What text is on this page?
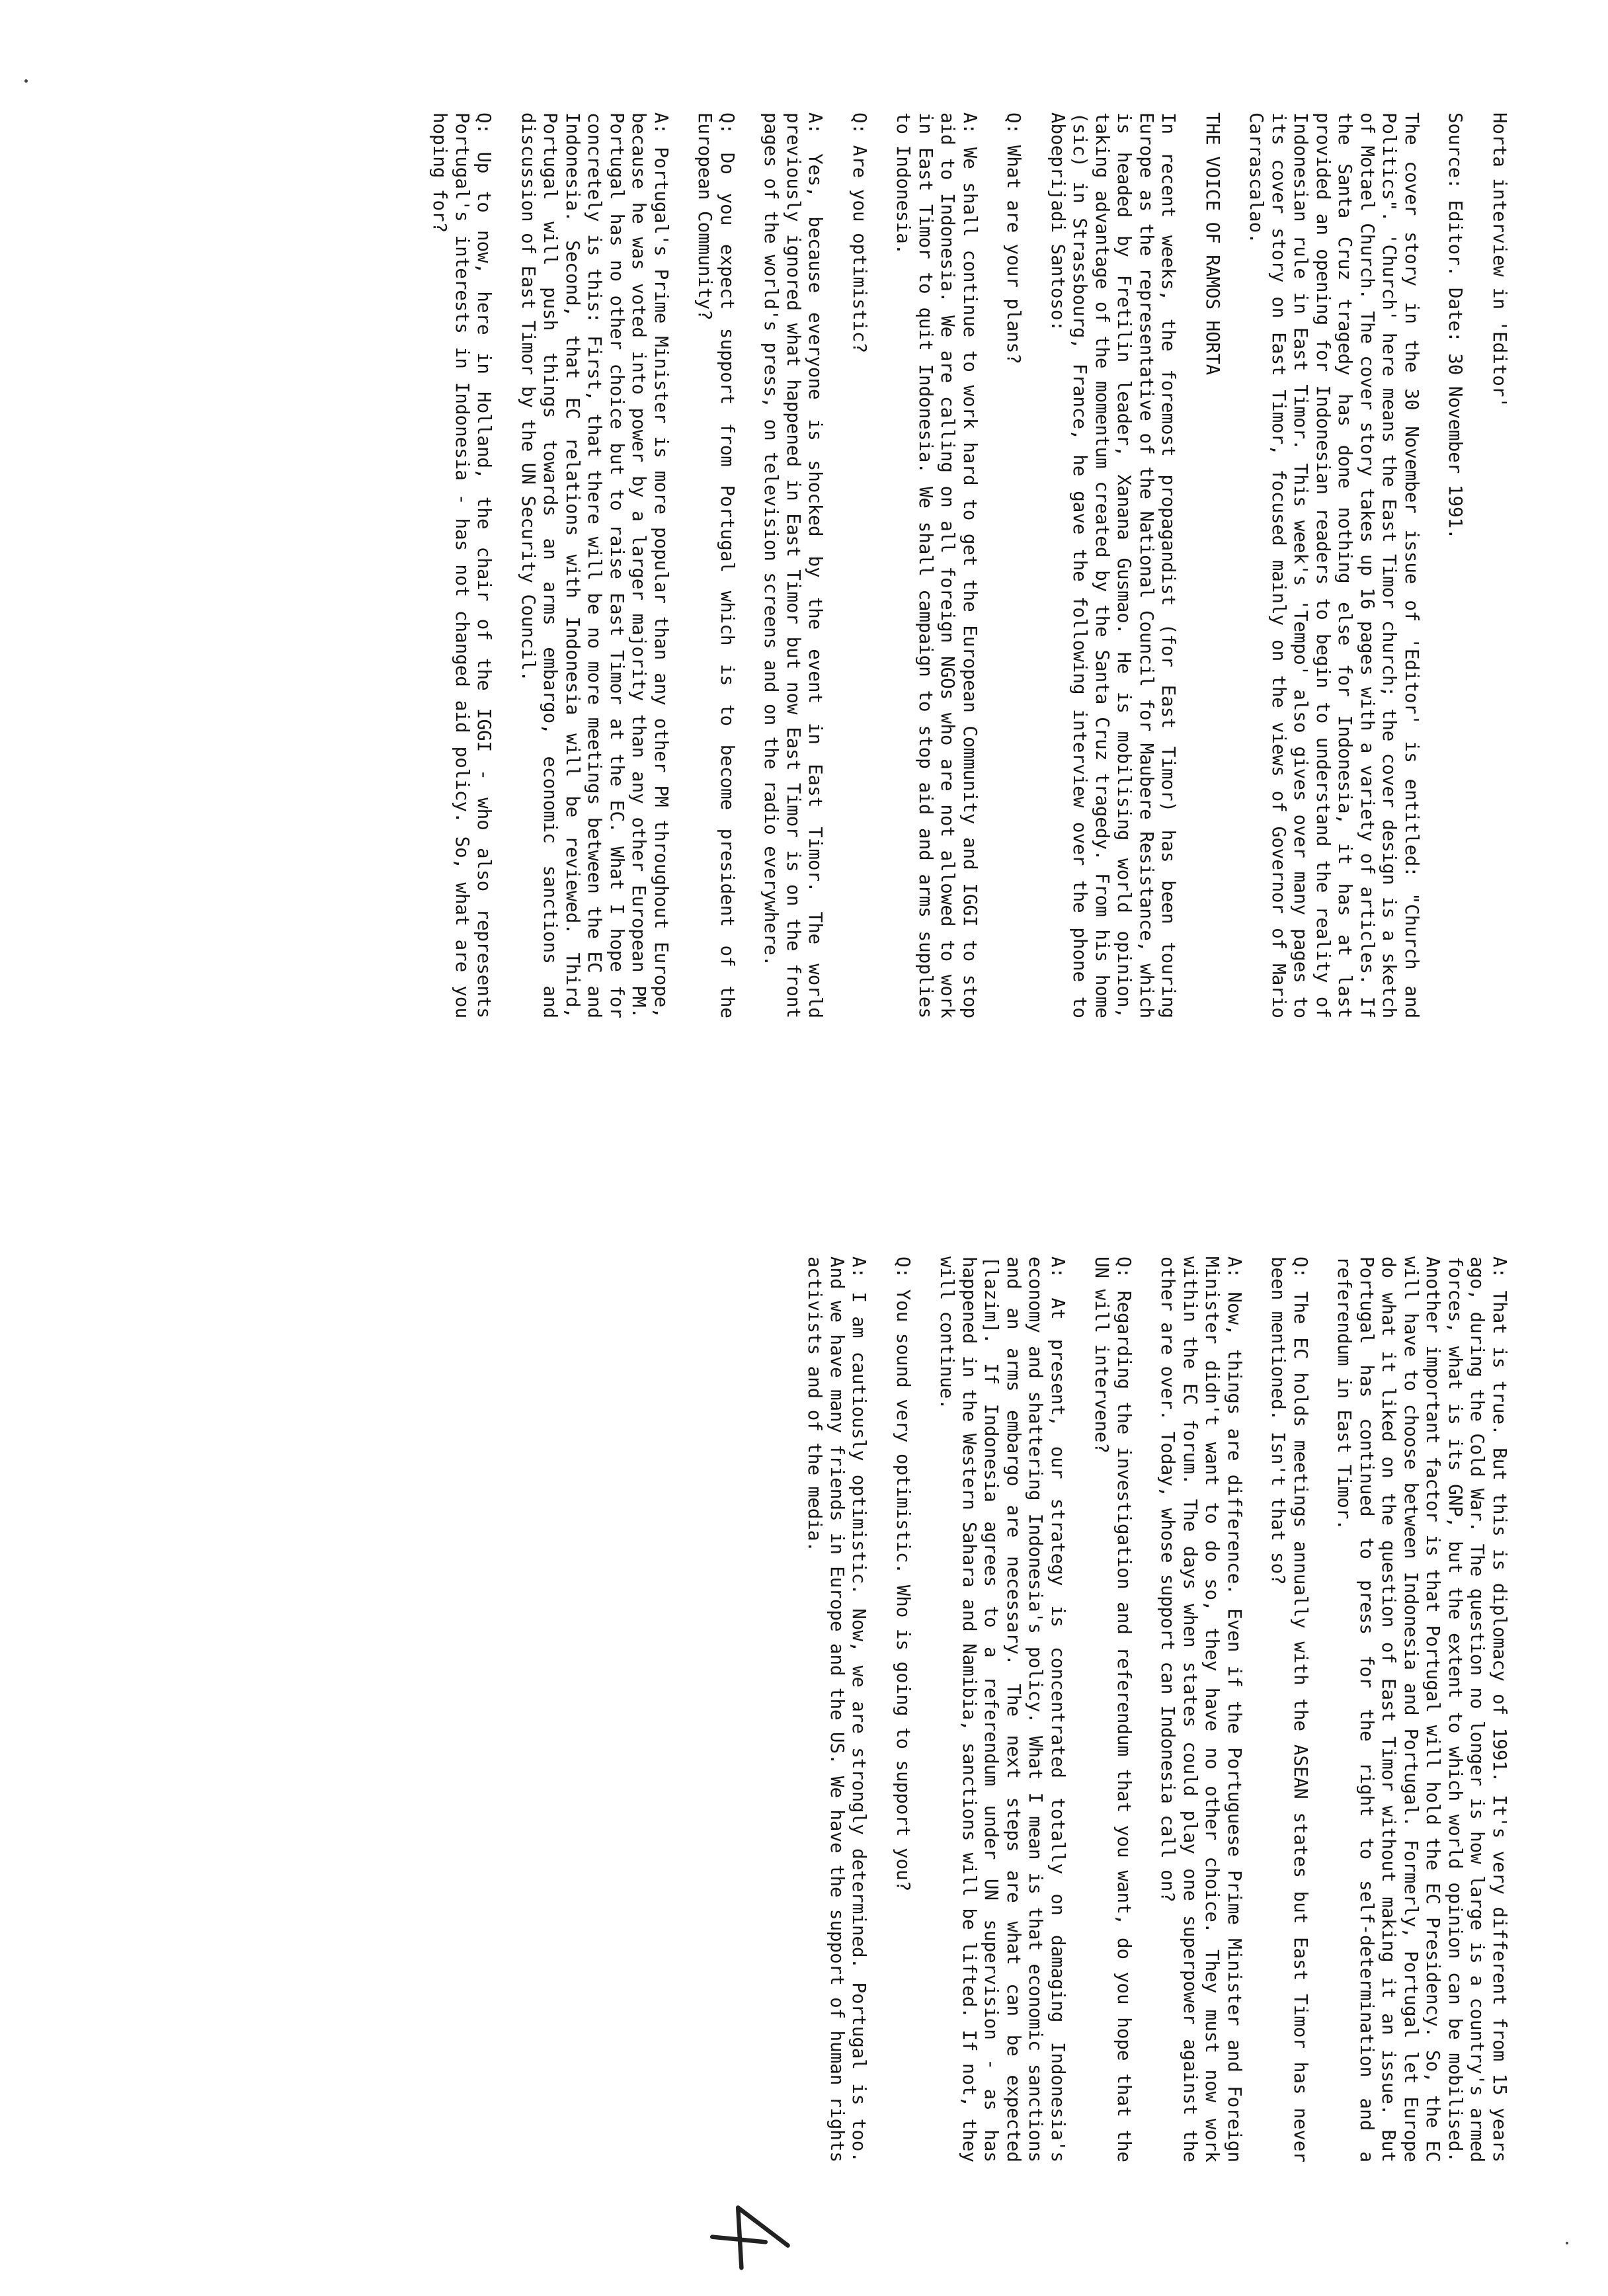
Horta interview in 'Editor'

Source: Editor. Date: 30 November 1991.

The cover story in the 30 November issue of 'Editor' is entitled: "Church and Politics". 'Church' here means the East Timor church; the cover design is a sketch of Motael Church. The cover story takes up 16 pages with a variety of articles. If the Santa Cruz tragedy has done nothing else for Indonesia, it has at last provided an opening for Indonesian readers to begin to understand the reality of Indonesian rule in East Timor. This week's 'Tempo' also gives over many pages to its cover story on East Timor, focused mainly on the views of Governor of Mario Carrascalao.

THE VOICE OF RAMOS HORTA

In recent weeks, the foremost propagandist (for East Timor) has been touring Europe as the representative of the National Council for Maubere Resistance, which is headed by Fretilin leader, Xanana Gusmao. He is mobilising world opinion, taking advantage of the momentum created by the Santa Cruz tragedy. From his home (sic) in Strassbourg, France, he gave the following interview over the phone to Aboeprijadi Santoso:

Q: What are your plans?

A: We shall continue to work hard to get the European Community and IGGI to stop aid to Indonesia. We are calling on all foreign NGOs who are not allowed to work in East Timor to quit Indonesia. We shall campaign to stop aid and arms supplies to Indonesia.

Q: Are you optimistic?

A: Yes, because everyone is shocked by the event in East Timor. The world previously ignored what happened in East Timor but now East Timor is on the front pages of the world's press, on television screens and on the radio everywhere.

Q: Do you expect support from Portugal which is to become president of the European Community?

A: Portugal's Prime Minister is more popular than any other PM throughout Europe, because he was voted into power by a larger majority than any other European PM. Portugal has no other choice but to raise East Timor at the EC. What I hope for concretely is this: First, that there will be no more meetings between the EC and Indonesia. Second, that EC relations with Indonesia will be reviewed. Third, Portugal will push things towards an arms embargo, economic sanctions and discussion of East Timor by the UN Security Council.

Q: Up to now, here in Holland, the chair of the IGGI - who also represents Portugal's interests in Indonesia - has not changed aid policy. So, what are you hoping for?

A: That is true. But this is diplomacy of 1991. It's very different from 15 years ago, during the Cold War. The question no longer is how large is a country's armed forces, what is its GNP, but the extent to which world opinion can be mobilised. Another important factor is that Portugal will hold the EC Presidency. So, the EC will have to choose between Indonesia and Portugal. Formerly, Portugal let Europe do what it liked on the question of East Timor without making it an issue. But Portugal has continued to press for the right to self-determination and a referendum in East Timor.

Q: The EC holds meetings annually with the ASEAN states but East Timor has never been mentioned. Isn't that so?

A: Now, things are difference. Even if the Portuguese Prime Minister and Foreign Minister didn't want to do so, they have no other choice. They must now work within the EC forum. The days when states could play one superpower against the other are over. Today, whose support can Indonesia call on?

Q: Regarding the investigation and referendum that you want, do you hope that the UN will intervene?

A: At present, our strategy is concentrated totally on damaging Indonesia's economy and shattering Indonesia's policy. What I mean is that economic sanctions and an arms embargo are necessary. The next steps are what can be expected [lazim]. If Indonesia agrees to a referendum under UN supervision - as has happened in the Western Sahara and Namibia, sanctions will be lifted. If not, they will continue.

Q: You sound very optimistic. Who is going to support you?

A: I am cautiously optimistic. Now, we are strongly determined. Portugal is too. And we have many friends in Europe and the US. We have the support of human rights activists and of the media.
